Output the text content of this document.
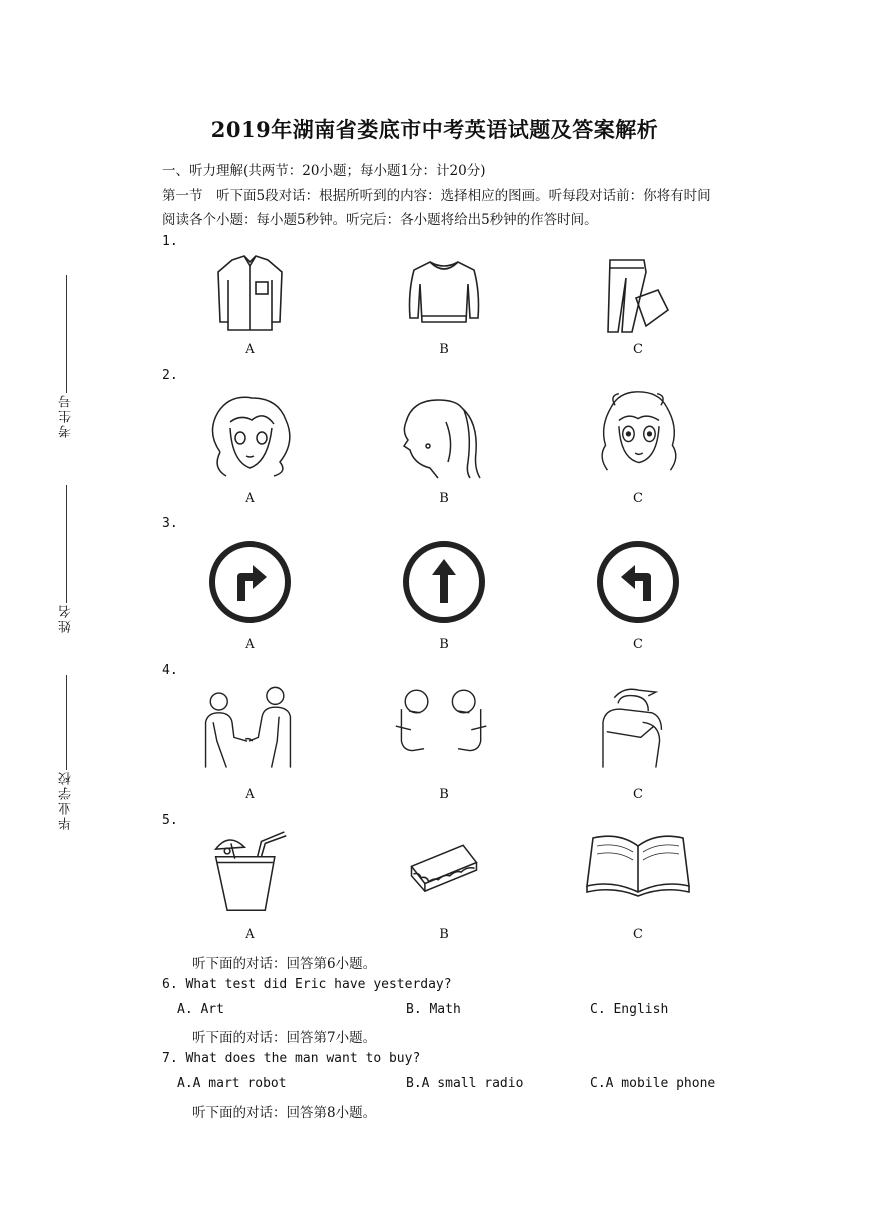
2019年湖南省娄底市中考英语试题及答案解析
一、听力理解(共两节：20小题；每小题1分：计20分)
第一节　听下面5段对话：根据所听到的内容：选择相应的图画。听每段对话前：你将有时间
阅读各个小题：每小题5秒钟。听完后：各小题将给出5秒钟的作答时间。
考生号
姓名
毕业学校
1.
A	B	C
2.
A	B	C
3.
A	B	C
4.
A	B	C
5.
A	B	C
听下面的对话：回答第6小题。
6. What test did Eric have yesterday?
A. Art	B. Math	C. English
听下面的对话：回答第7小题。
7. What does the man want to buy?
A.A mart robot	B.A small radio	C.A mobile phone
听下面的对话：回答第8小题。
